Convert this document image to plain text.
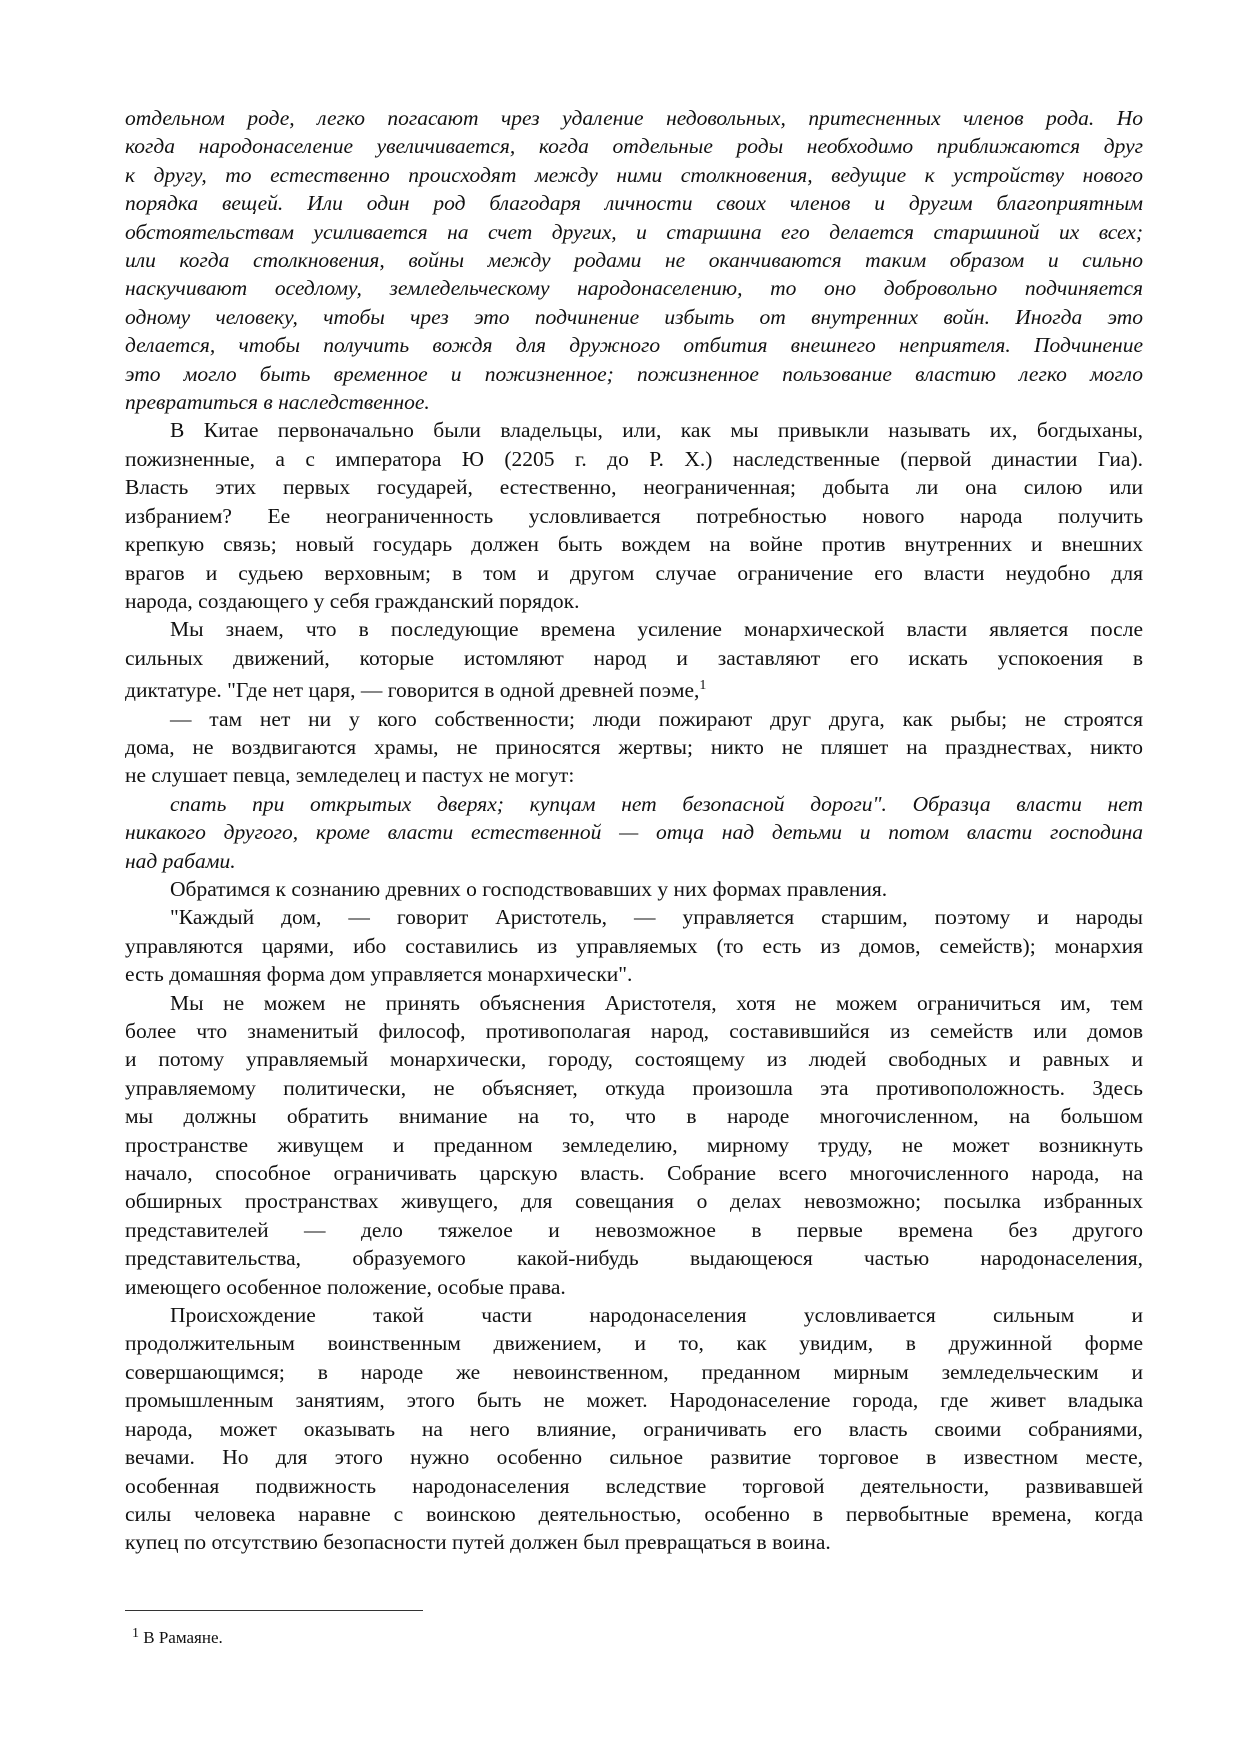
отдельном роде, легко погасают чрез удаление недовольных, притесненных членов рода. Но
когда народонаселение увеличивается, когда отдельные роды необходимо приближаются друг
к другу, то естественно происходят между ними столкновения, ведущие к устройству нового
порядка вещей. Или один род благодаря личности своих членов и другим благоприятным
обстоятельствам усиливается на счет других, и старшина его делается старшиной их всех;
или когда столкновения, войны между родами не оканчиваются таким образом и сильно
наскучивают оседлому, земледельческому народонаселению, то оно добровольно подчиняется
одному человеку, чтобы чрез это подчинение избыть от внутренних войн. Иногда это
делается, чтобы получить вождя для дружного отбития внешнего неприятеля. Подчинение
это могло быть временное и пожизненное; пожизненное пользование властию легко могло
превратиться в наследственное.
В Китае первоначально были владельцы, или, как мы привыкли называть их, богдыханы,
пожизненные, а с императора Ю (2205 г. до Р. Х.) наследственные (первой династии Гиа).
Власть этих первых государей, естественно, неограниченная; добыта ли она силою или
избранием? Ее неограниченность условливается потребностью нового народа получить
крепкую связь; новый государь должен быть вождем на войне против внутренних и внешних
врагов и судьею верховным; в том и другом случае ограничение его власти неудобно для
народа, создающего у себя гражданский порядок.
Мы знаем, что в последующие времена усиление монархической власти является после
сильных движений, которые истомляют народ и заставляют его искать успокоения в
диктатуре. "Где нет царя, — говорится в одной древней поэме,$^1$
— там нет ни у кого собственности; люди пожирают друг друга, как рыбы; не строятся
дома, не воздвигаются храмы, не приносятся жертвы; никто не пляшет на празднествах, никто
не слушает певца, земледелец и пастух не могут:
спать при открытых дверях; купцам нет безопасной дороги". Образца власти нет
никакого другого, кроме власти естественной — отца над детьми и потом власти господина
над рабами.
Обратимся к сознанию древних о господствовавших у них формах правления.
"Каждый дом, — говорит Аристотель, — управляется старшим, поэтому и народы
управляются царями, ибо составились из управляемых (то есть из домов, семейств); монархия
есть домашняя форма дом управляется монархически".
Мы не можем не принять объяснения Аристотеля, хотя не можем ограничиться им, тем
более что знаменитый философ, противополагая народ, составившийся из семейств или домов
и потому управляемый монархически, городу, состоящему из людей свободных и равных и
управляемому политически, не объясняет, откуда произошла эта противоположность. Здесь
мы должны обратить внимание на то, что в народе многочисленном, на большом
пространстве живущем и преданном земледелию, мирному труду, не может возникнуть
начало, способное ограничивать царскую власть. Собрание всего многочисленного народа, на
обширных пространствах живущего, для совещания о делах невозможно; посылка избранных
представителей — дело тяжелое и невозможное в первые времена без другого
представительства, образуемого какой-нибудь выдающеюся частью народонаселения,
имеющего особенное положение, особые права.
Происхождение такой части народонаселения условливается сильным и
продолжительным воинственным движением, и то, как увидим, в дружинной форме
совершающимся; в народе же невоинственном, преданном мирным земледельческим и
промышленным занятиям, этого быть не может. Народонаселение города, где живет владыка
народа, может оказывать на него влияние, ограничивать его власть своими собраниями,
вечами. Но для этого нужно особенно сильное развитие торговое в известном месте,
особенная подвижность народонаселения вследствие торговой деятельности, развивавшей
силы человека наравне с воинскою деятельностью, особенно в первобытные времена, когда
купец по отсутствию безопасности путей должен был превращаться в воина.
$^1$ В Рамаяне.
